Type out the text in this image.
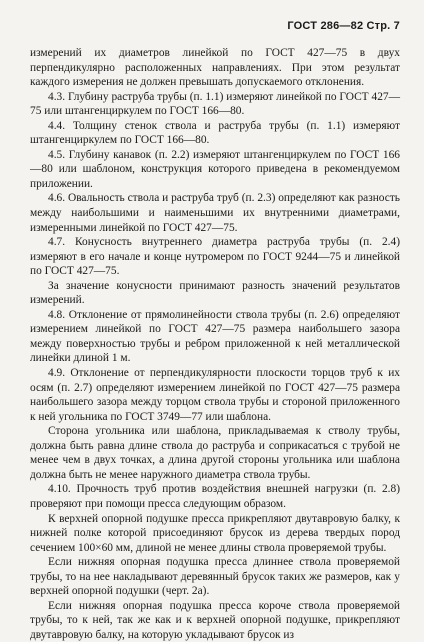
ГОСТ 286—82 Стр. 7

измерений их диаметров линейкой по ГОСТ 427—75 в двух перпендикулярно расположенных направлениях. При этом результат каждого измерения не должен превышать допускаемого отклонения.

4.3. Глубину раструба трубы (п. 1.1) измеряют линейкой по ГОСТ 427—75 или штангенциркулем по ГОСТ 166—80.

4.4. Толщину стенок ствола и раструба трубы (п. 1.1) измеряют штангенциркулем по ГОСТ 166—80.

4.5. Глубину канавок (п. 2.2) измеряют штангенциркулем по ГОСТ 166—80 или шаблоном, конструкция которого приведена в рекомендуемом приложении.

4.6. Овальность ствола и раструба труб (п. 2.3) определяют как разность между наибольшими и наименьшими их внутренними диаметрами, измеренными линейкой по ГОСТ 427—75.

4.7. Конусность внутреннего диаметра раструба трубы (п. 2.4) измеряют в его начале и конце нутромером по ГОСТ 9244—75 и линейкой по ГОСТ 427—75.

За значение конусности принимают разность значений результатов измерений.

4.8. Отклонение от прямолинейности ствола трубы (п. 2.6) определяют измерением линейкой по ГОСТ 427—75 размера наибольшего зазора между поверхностью трубы и ребром приложенной к ней металлической линейки длиной 1 м.

4.9. Отклонение от перпендикулярности плоскости торцов труб к их осям (п. 2.7) определяют измерением линейкой по ГОСТ 427—75 размера наибольшего зазора между торцом ствола трубы и стороной приложенного к ней угольника по ГОСТ 3749—77 или шаблона.

Сторона угольника или шаблона, прикладываемая к стволу трубы, должна быть равна длине ствола до раструба и соприкасаться с трубой не менее чем в двух точках, а длина другой стороны угольника или шаблона должна быть не менее наружного диаметра ствола трубы.

4.10. Прочность труб против воздействия внешней нагрузки (п. 2.8) проверяют при помощи пресса следующим образом.

К верхней опорной подушке пресса прикрепляют двутавровую балку, к нижней полке которой присоединяют брусок из дерева твердых пород сечением 100×60 мм, длиной не менее длины ствола проверяемой трубы.

Если нижняя опорная подушка пресса длиннее ствола проверяемой трубы, то на нее накладывают деревянный брусок таких же размеров, как у верхней опорной подушки (черт. 2а).

Если нижняя опорная подушка пресса короче ствола проверяемой трубы, то к ней, так же как и к верхней опорной подушке, прикрепляют двутавровую балку, на которую укладывают брусок из
